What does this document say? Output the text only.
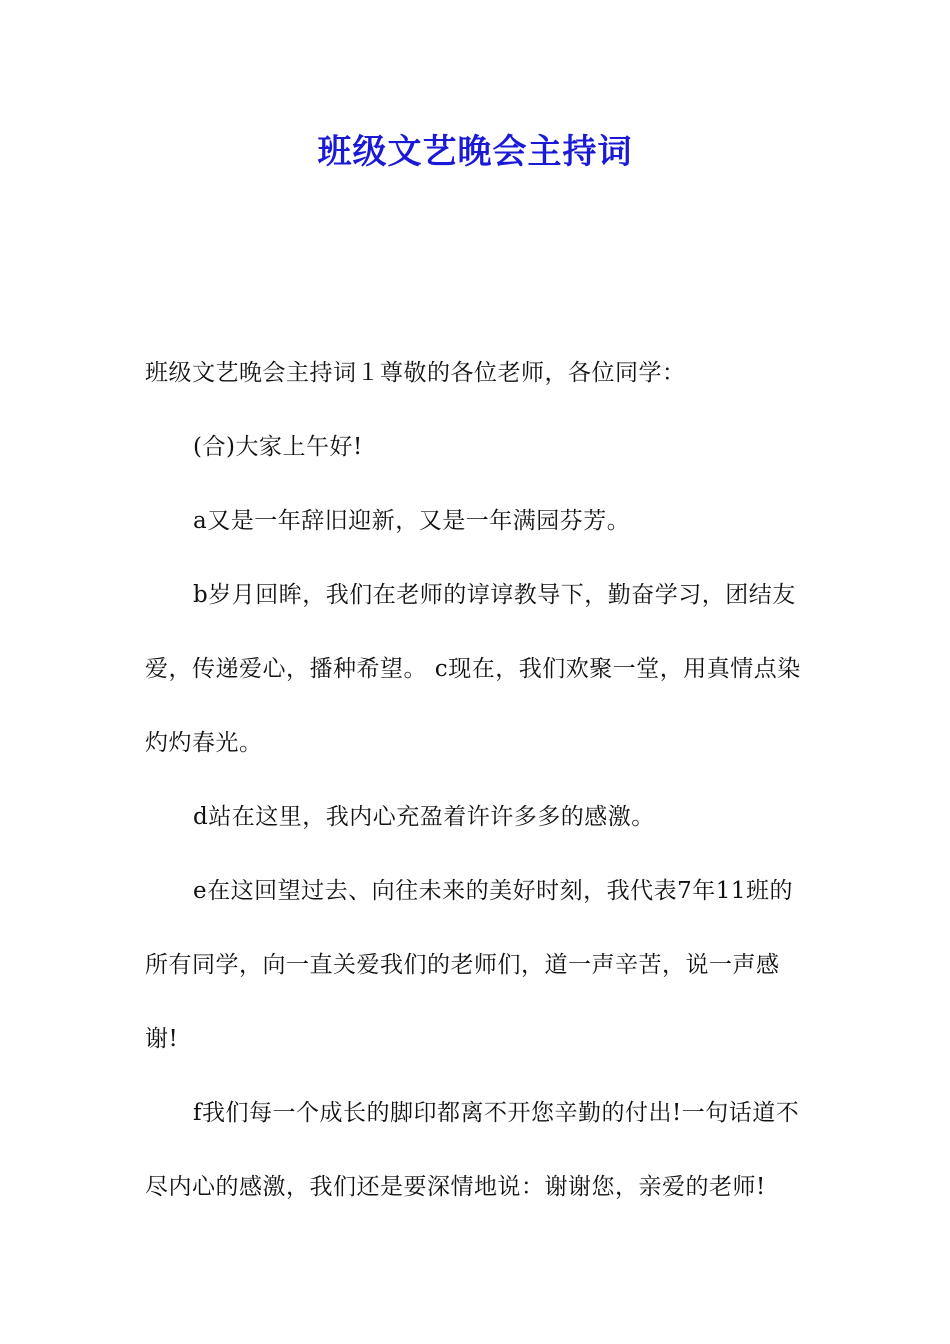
班级文艺晚会主持词

班级文艺晚会主持词１尊敬的各位老师，各位同学：

(合)大家上午好!

a又是一年辞旧迎新，又是一年满园芬芳。

b岁月回眸，我们在老师的谆谆教导下，勤奋学习，团结友爱，传递爱心，播种希望。 c现在，我们欢聚一堂，用真情点染灼灼春光。

d站在这里，我内心充盈着许许多多的感激。

e在这回望过去、向往未来的美好时刻，我代表7年11班的所有同学，向一直关爱我们的老师们，道一声辛苦，说一声感谢!

f我们每一个成长的脚印都离不开您辛勤的付出!一句话道不尽内心的感激，我们还是要深情地说：谢谢您，亲爱的老师!
